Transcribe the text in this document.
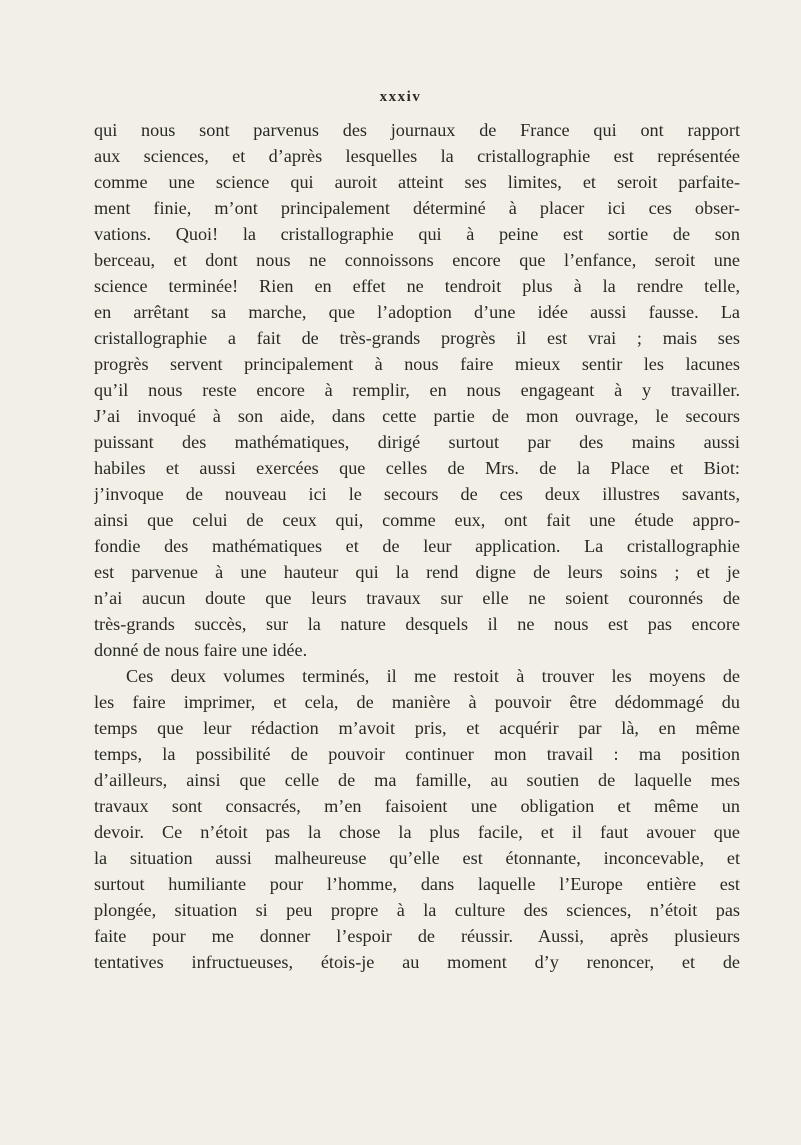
xxxiv
qui nous sont parvenus des journaux de France qui ont rapport
aux sciences, et d’après lesquelles la cristallographie est représentée
comme une science qui auroit atteint ses limites, et seroit parfaite-
ment finie, m’ont principalement déterminé à placer ici ces obser-
vations. Quoi! la cristallographie qui à peine est sortie de son
berceau, et dont nous ne connoissons encore que l’enfance, seroit une
science terminée! Rien en effet ne tendroit plus à la rendre telle,
en arrêtant sa marche, que l’adoption d’une idée aussi fausse. La
cristallographie a fait de très-grands progrès il est vrai ; mais ses
progrès servent principalement à nous faire mieux sentir les lacunes
qu’il nous reste encore à remplir, en nous engageant à y travailler.
J’ai invoqué à son aide, dans cette partie de mon ouvrage, le secours
puissant des mathématiques, dirigé surtout par des mains aussi
habiles et aussi exercées que celles de Mrs. de la Place et Biot:
j’invoque de nouveau ici le secours de ces deux illustres savants,
ainsi que celui de ceux qui, comme eux, ont fait une étude appro-
fondie des mathématiques et de leur application. La cristallographie
est parvenue à une hauteur qui la rend digne de leurs soins ; et je
n’ai aucun doute que leurs travaux sur elle ne soient couronnés de
très-grands succès, sur la nature desquels il ne nous est pas encore
donné de nous faire une idée.
Ces deux volumes terminés, il me restoit à trouver les moyens de
les faire imprimer, et cela, de manière à pouvoir être dédommagé du
temps que leur rédaction m’avoit pris, et acquérir par là, en même
temps, la possibilité de pouvoir continuer mon travail : ma position
d’ailleurs, ainsi que celle de ma famille, au soutien de laquelle mes
travaux sont consacrés, m’en faisoient une obligation et même un
devoir. Ce n’étoit pas la chose la plus facile, et il faut avouer que
la situation aussi malheureuse qu’elle est étonnante, inconcevable, et
surtout humiliante pour l’homme, dans laquelle l’Europe entière est
plongée, situation si peu propre à la culture des sciences, n’étoit pas
faite pour me donner l’espoir de réussir. Aussi, après plusieurs
tentatives infructueuses, étois-je au moment d’y renoncer, et de
